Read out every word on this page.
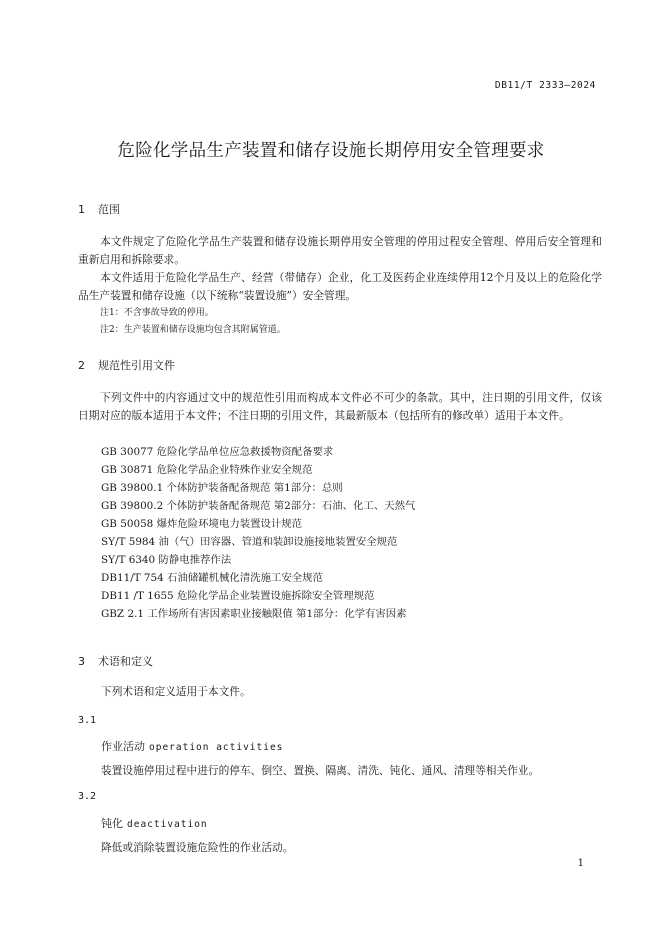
DB11/T 2333—2024
危险化学品生产装置和储存设施长期停用安全管理要求
1 范围
本文件规定了危险化学品生产装置和储存设施长期停用安全管理的停用过程安全管理、停用后安全管理和重新启用和拆除要求。
本文件适用于危险化学品生产、经营（带储存）企业，化工及医药企业连续停用12个月及以上的危险化学品生产装置和储存设施（以下统称“装置设施”）安全管理。
注1：不含事故导致的停用。
注2：生产装置和储存设施均包含其附属管道。
2 规范性引用文件
下列文件中的内容通过文中的规范性引用而构成本文件必不可少的条款。其中，注日期的引用文件，仅该日期对应的版本适用于本文件；不注日期的引用文件，其最新版本（包括所有的修改单）适用于本文件。
GB 30077 危险化学品单位应急救援物资配备要求
GB 30871 危险化学品企业特殊作业安全规范
GB 39800.1 个体防护装备配备规范 第1部分：总则
GB 39800.2 个体防护装备配备规范 第2部分：石油、化工、天然气
GB 50058 爆炸危险环境电力装置设计规范
SY/T 5984 油（气）田容器、管道和装卸设施接地装置安全规范
SY/T 6340 防静电推荐作法
DB11/T 754 石油储罐机械化清洗施工安全规范
DB11 /T 1655 危险化学品企业装置设施拆除安全管理规范
GBZ 2.1 工作场所有害因素职业接触限值 第1部分：化学有害因素
3 术语和定义
下列术语和定义适用于本文件。
3.1
作业活动 operation activities
装置设施停用过程中进行的停车、倒空、置换、隔离、清洗、钝化、通风、清理等相关作业。
3.2
钝化 deactivation
降低或消除装置设施危险性的作业活动。
1
